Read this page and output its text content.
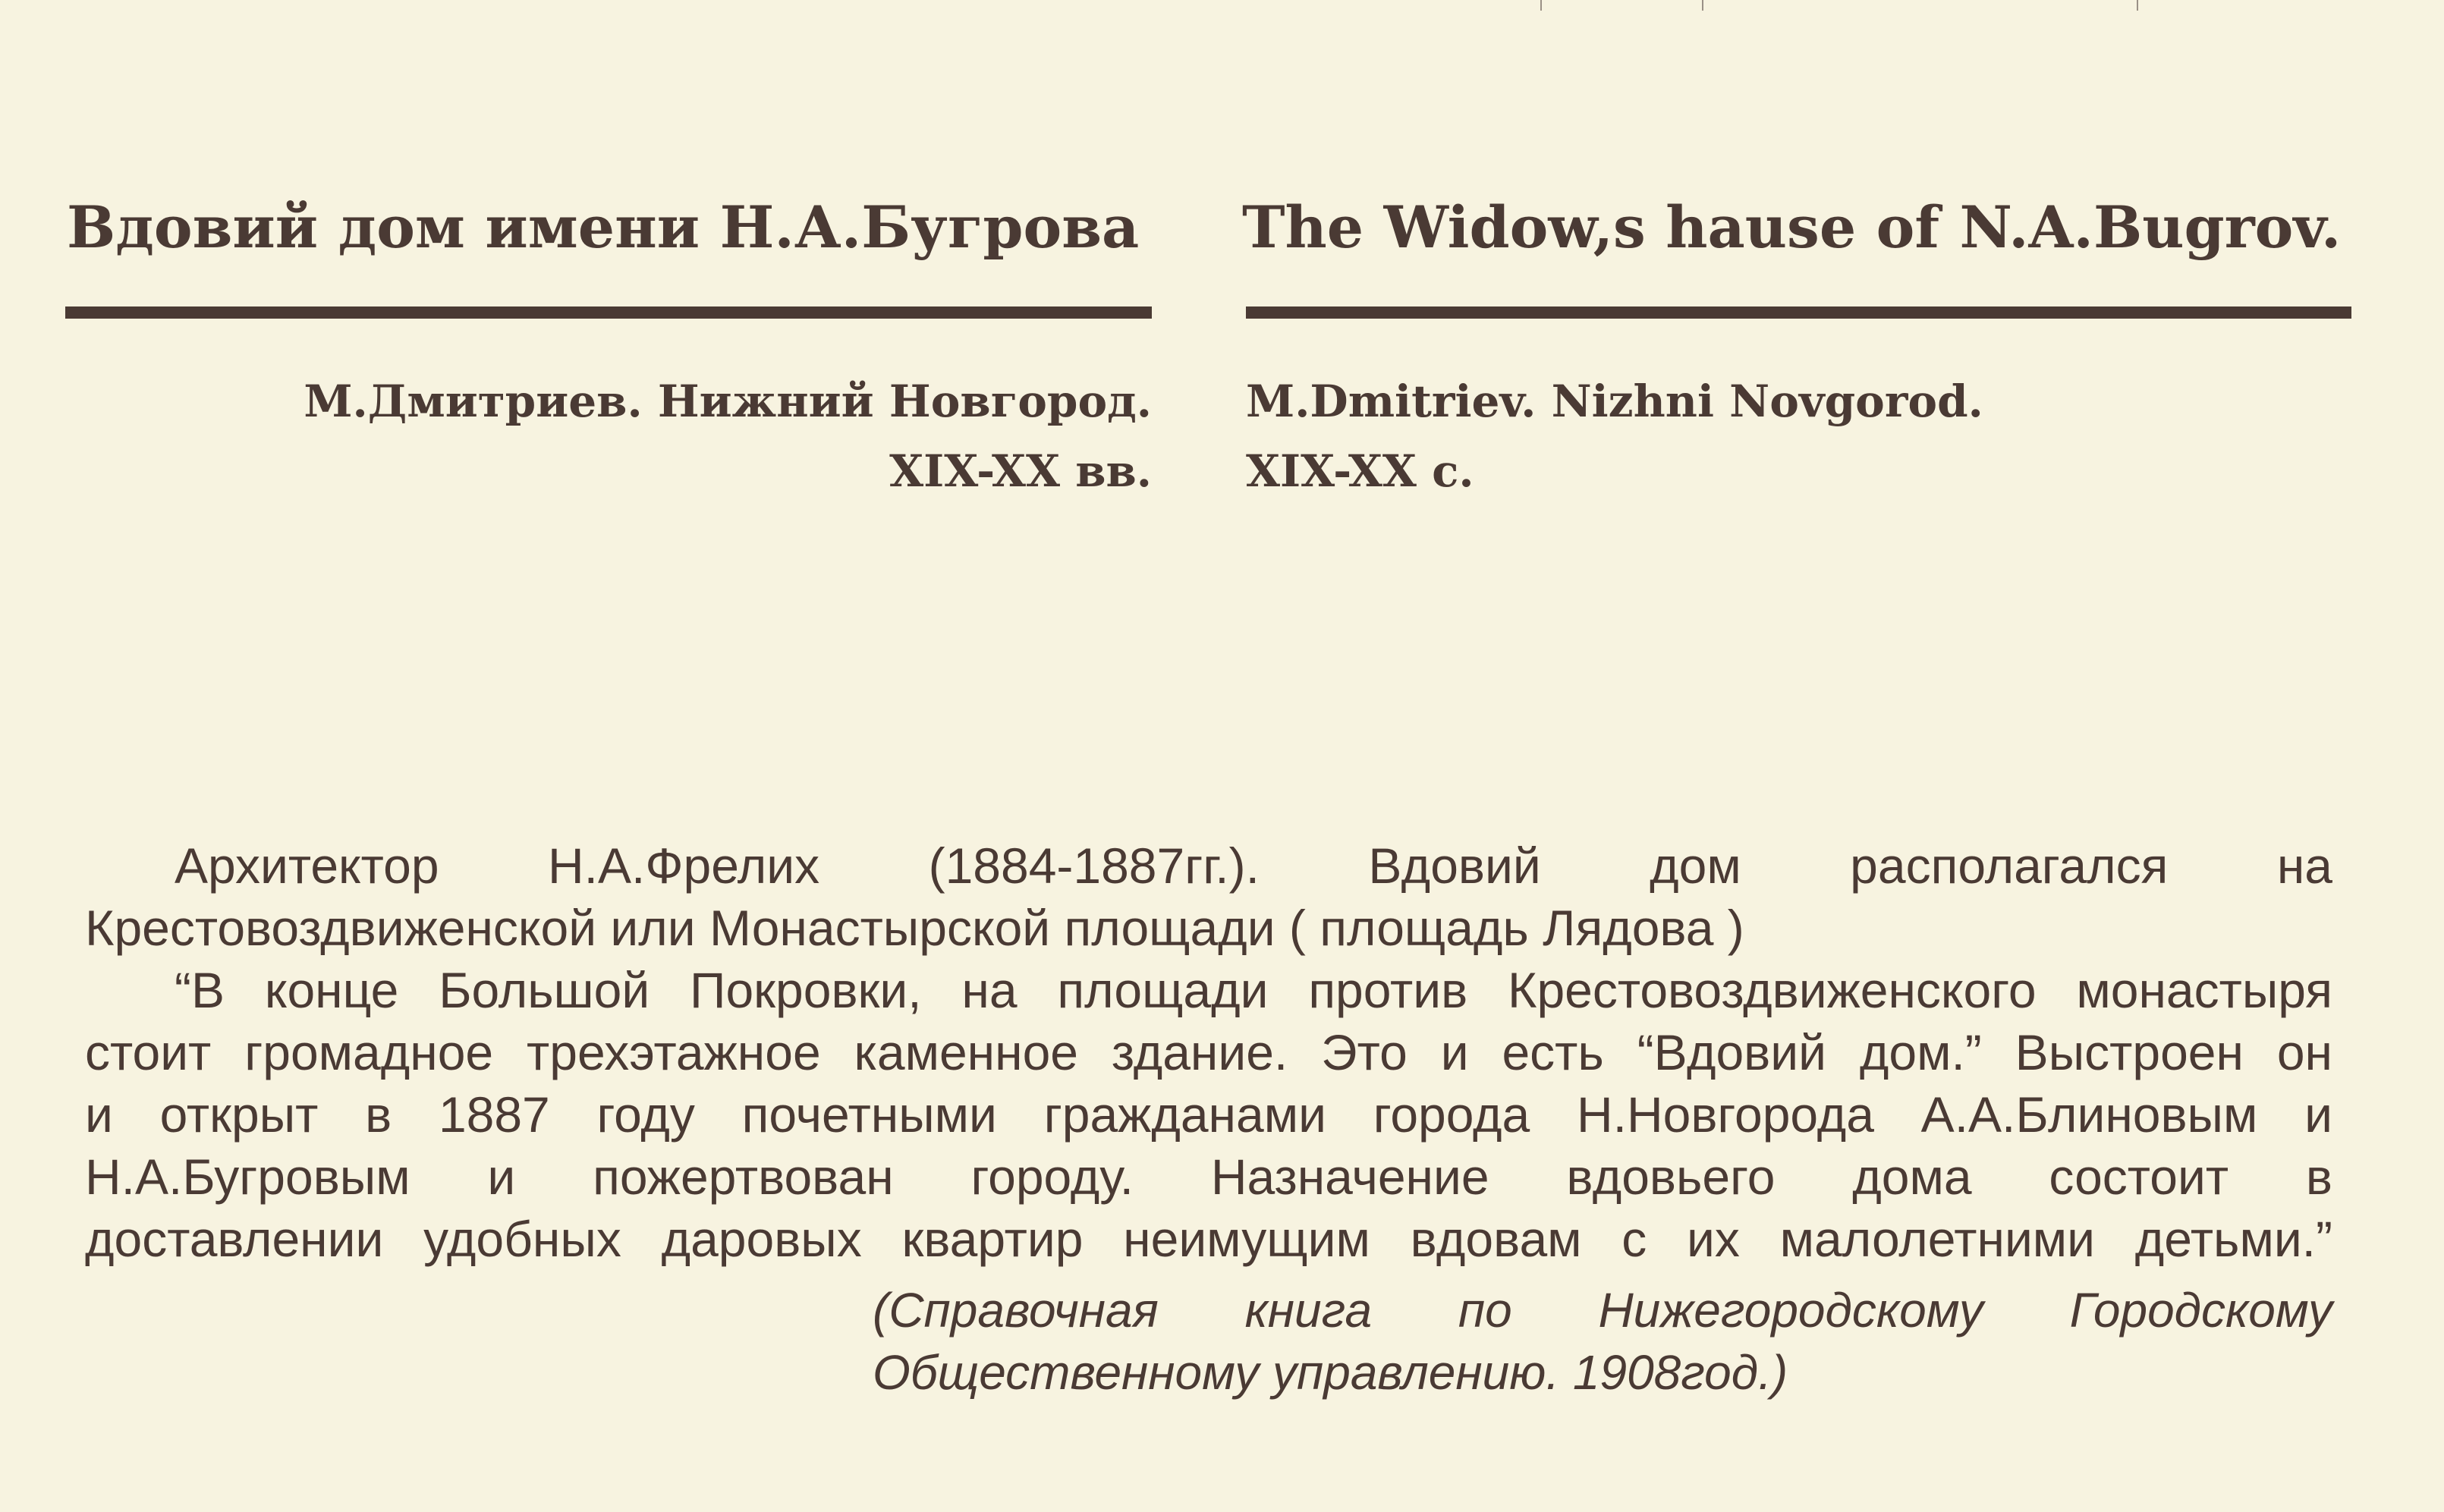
Вдовий дом имени Н.А.Бугрова The Widow,s hause of N.A.Bugrov.
М.Дмитриев. Нижний Новгород.
XIX-XX вв.
M.Dmitriev. Nizhni Novgorod.
XIX-XX c.
Архитектор Н.А.Фрелих (1884-1887гг.). Вдовий дом располагался на
Крестовоздвиженской или Монастырской площади ( площадь Лядова )
“В конце Большой Покровки, на площади против Крестовоздвиженского монастыря
стоит громадное трехэтажное каменное здание. Это и есть “Вдовий дом.” Выстроен он
и открыт в 1887 году почетными гражданами города Н.Новгорода А.А.Блиновым и
Н.А.Бугровым и пожертвован городу. Назначение вдовьего дома состоит в
доставлении удобных даровых квартир неимущим вдовам с их малолетними детьми.”
(Справочная книга по Нижегородскому Городскому
Общественному управлению. 1908год.)
